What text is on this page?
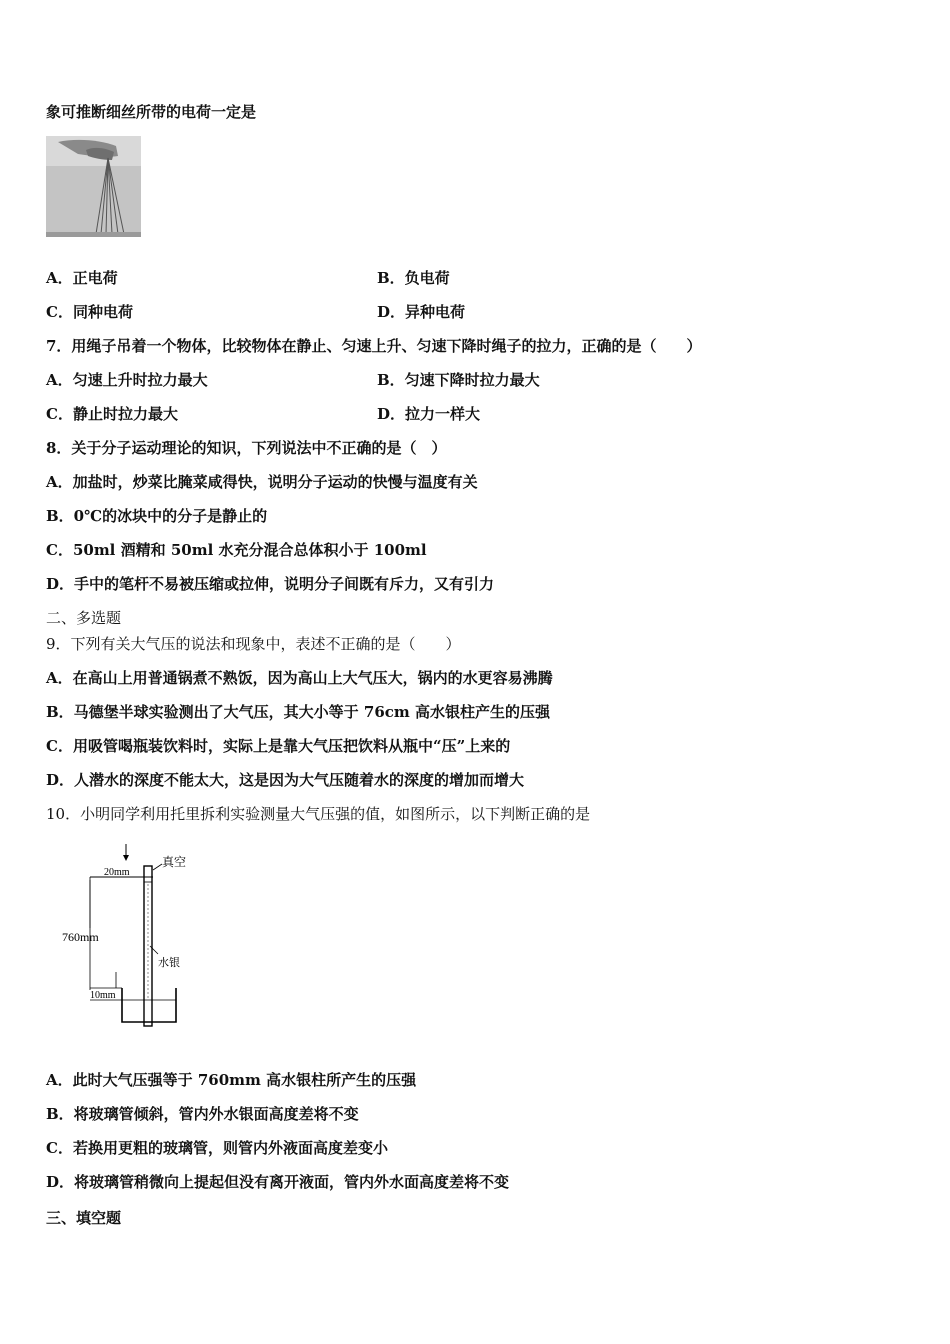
象可推断细丝所带的电荷一定是
A．正电荷	B．负电荷
C．同种电荷	D．异种电荷
7．用绳子吊着一个物体，比较物体在静止、匀速上升、匀速下降时绳子的拉力，正确的是（　　）
A．匀速上升时拉力最大	B．匀速下降时拉力最大
C．静止时拉力最大	D．拉力一样大
8．关于分子运动理论的知识，下列说法中不正确的是（　）
A．加盐时，炒菜比腌菜咸得快，说明分子运动的快慢与温度有关
B．0℃的冰块中的分子是静止的
C．50ml 酒精和 50ml 水充分混合总体积小于 100ml
D．手中的笔杆不易被压缩或拉伸，说明分子间既有斥力，又有引力
二、多选题
9．下列有关大气压的说法和现象中，表述不正确的是（　　）
A．在高山上用普通锅煮不熟饭，因为高山上大气压大，锅内的水更容易沸腾
B．马德堡半球实验测出了大气压，其大小等于 76cm 高水银柱产生的压强
C．用吸管喝瓶装饮料时，实际上是靠大气压把饮料从瓶中“压”上来的
D．人潜水的深度不能太大，这是因为大气压随着水的深度的增加而增大
10．小明同学利用托里拆利实验测量大气压强的值，如图所示，以下判断正确的是
20mm
真空
760mm
水银
10mm
A．此时大气压强等于 760mm 高水银柱所产生的压强
B．将玻璃管倾斜，管内外水银面高度差将不变
C．若换用更粗的玻璃管，则管内外液面高度差变小
D．将玻璃管稍微向上提起但没有离开液面，管内外水面高度差将不变
三、填空题
